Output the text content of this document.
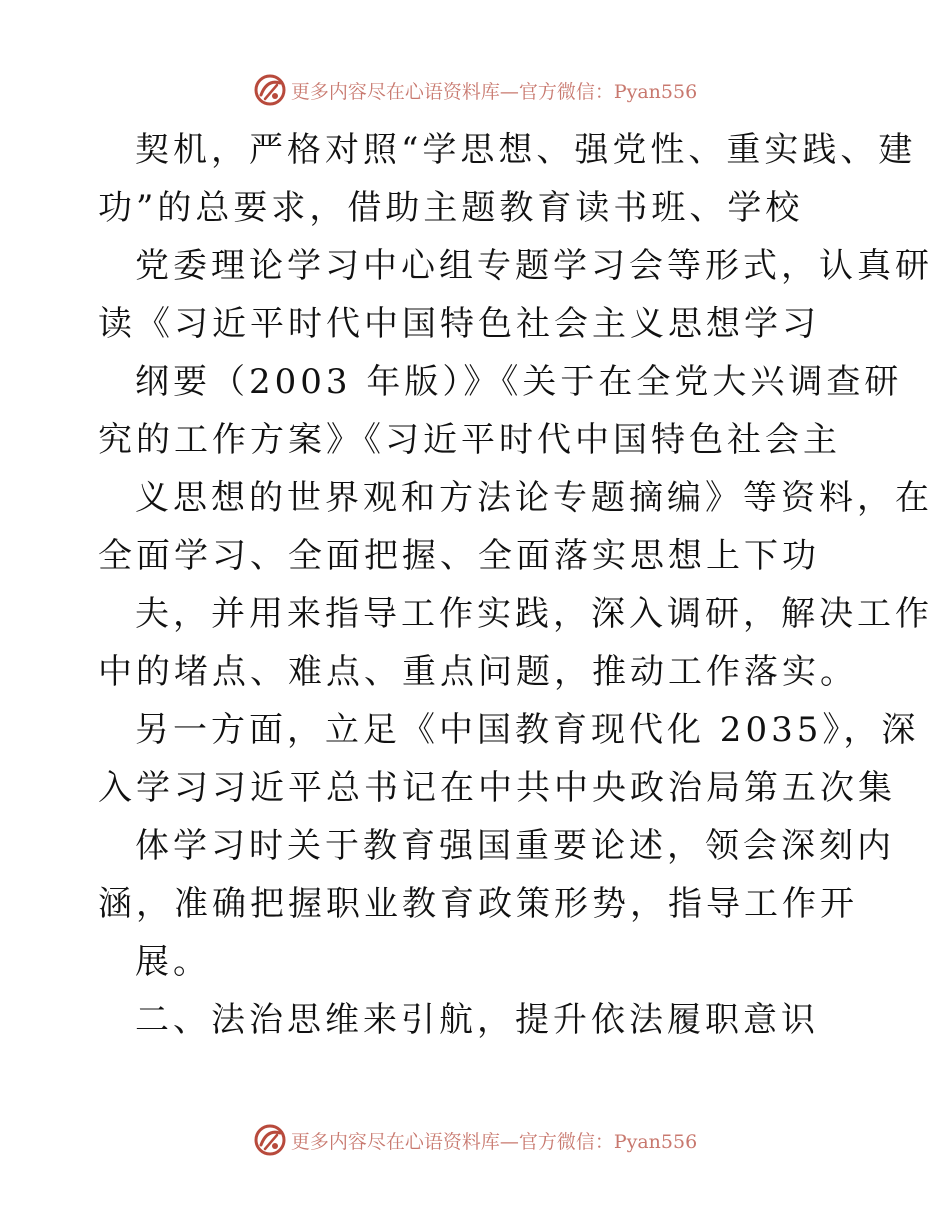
更多内容尽在心语资料库—官方微信：Pyan556
契机，严格对照“学思想、强党性、重实践、建
功”的总要求，借助主题教育读书班、学校
党委理论学习中心组专题学习会等形式，认真研
读《习近平时代中国特色社会主义思想学习
纲要（2003 年版）》《关于在全党大兴调查研
究的工作方案》《习近平时代中国特色社会主
义思想的世界观和方法论专题摘编》等资料，在
全面学习、全面把握、全面落实思想上下功
夫，并用来指导工作实践，深入调研，解决工作
中的堵点、难点、重点问题，推动工作落实。
另一方面，立足《中国教育现代化 2035》，深
入学习习近平总书记在中共中央政治局第五次集
体学习时关于教育强国重要论述，领会深刻内
涵，准确把握职业教育政策形势，指导工作开
展。
二、法治思维来引航，提升依法履职意识
更多内容尽在心语资料库—官方微信：Pyan556
